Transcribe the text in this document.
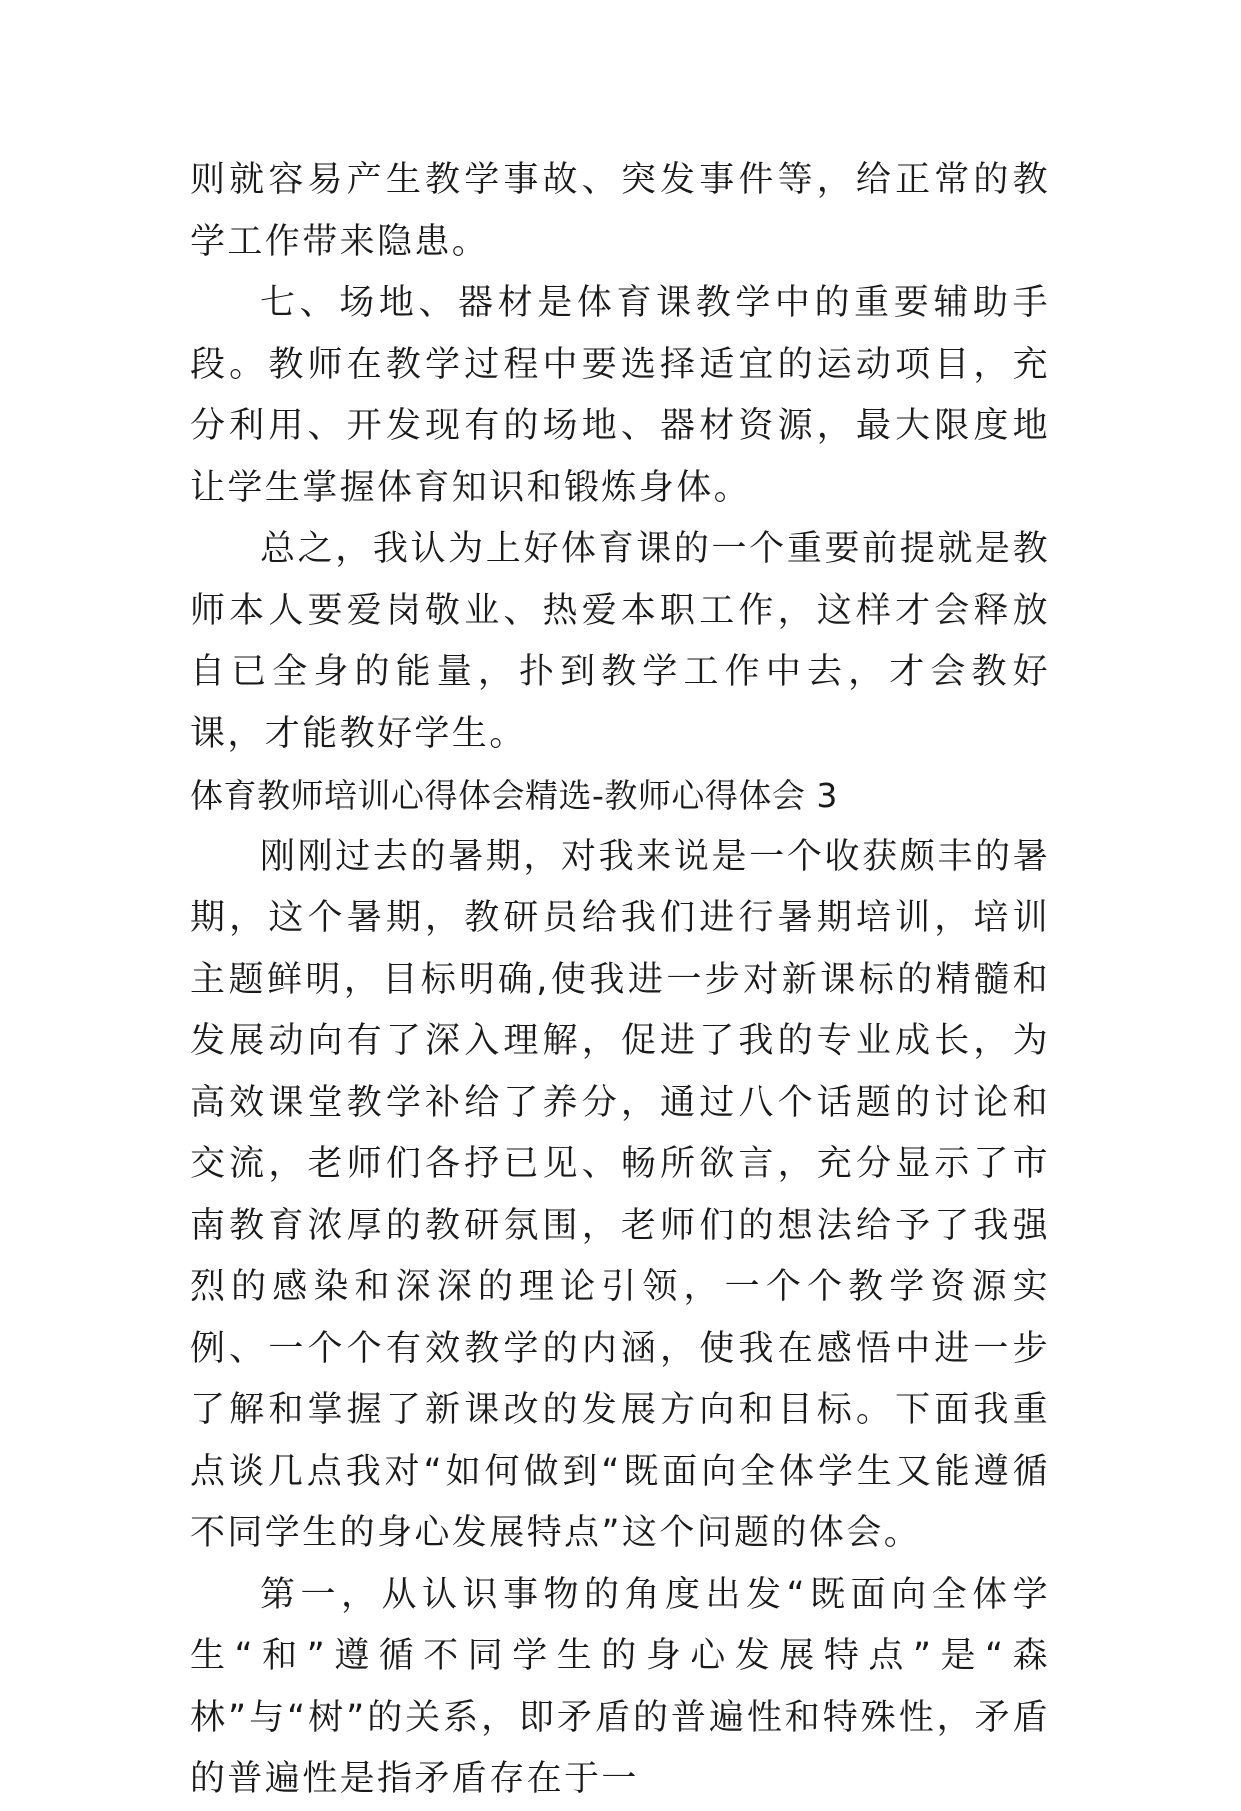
则就容易产生教学事故、突发事件等，给正常的教学工作带来隐患。

七、场地、器材是体育课教学中的重要辅助手段。教师在教学过程中要选择适宜的运动项目，充分利用、开发现有的场地、器材资源，最大限度地让学生掌握体育知识和锻炼身体。

总之，我认为上好体育课的一个重要前提就是教师本人要爱岗敬业、热爱本职工作，这样才会释放自已全身的能量，扑到教学工作中去，才会教好课，才能教好学生。

体育教师培训心得体会精选-教师心得体会 3

刚刚过去的暑期，对我来说是一个收获颇丰的暑期，这个暑期，教研员给我们进行暑期培训，培训主题鲜明，目标明确,使我进一步对新课标的精髓和发展动向有了深入理解，促进了我的专业成长，为高效课堂教学补给了养分，通过八个话题的讨论和交流，老师们各抒已见、畅所欲言，充分显示了市南教育浓厚的教研氛围，老师们的想法给予了我强烈的感染和深深的理论引领，一个个教学资源实例、一个个有效教学的内涵，使我在感悟中进一步了解和掌握了新课改的发展方向和目标。下面我重点谈几点我对“如何做到“既面向全体学生又能遵循不同学生的身心发展特点”这个问题的体会。

第一，从认识事物的角度出发“既面向全体学生“和”遵循不同学生的身心发展特点”是“森林”与“树”的关系，即矛盾的普遍性和特殊性，矛盾的普遍性是指矛盾存在于一
